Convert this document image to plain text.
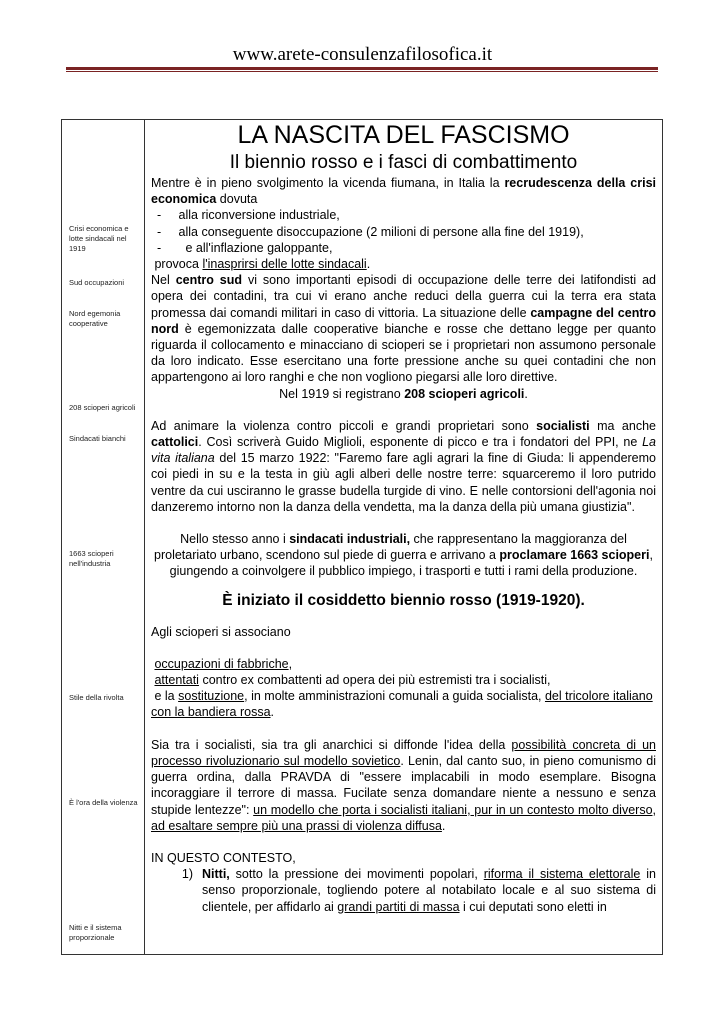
www.arete-consulenzafilosofica.it
Crisi economica e lotte sindacali nel 1919
Sud occupazioni
Nord egemonia cooperative
208 scioperi agricoli
Sindacati bianchi
1663 scioperi nell'industria
Stile della rivolta
È l'ora della violenza
Nitti e il sistema proporzionale

LA NASCITA DEL FASCISMO

Il biennio rosso e i fasci di combattimento

Mentre è in pieno svolgimento la vicenda fiumana, in Italia la recrudescenza della crisi economica dovuta

- alla riconversione industriale,

- alla conseguente disoccupazione (2 milioni di persone alla fine del 1919),

- e all'inflazione galoppante,

provoca l'inasprirsi delle lotte sindacali.

Nel centro sud vi sono importanti episodi di occupazione delle terre dei latifondisti ad opera dei contadini, tra cui vi erano anche reduci della guerra cui la terra era stata promessa dai comandi militari in caso di vittoria. La situazione delle campagne del centro nord è egemonizzata dalle cooperative bianche e rosse che dettano legge per quanto riguarda il collocamento e minacciano di scioperi se i proprietari non assumono personale da loro indicato. Esse esercitano una forte pressione anche su quei contadini che non appartengono ai loro ranghi e che non vogliono piegarsi alle loro direttive.

Nel 1919 si registrano 208 scioperi agricoli.

Ad animare la violenza contro piccoli e grandi proprietari sono socialisti ma anche cattolici. Così scriverà Guido Miglioli, esponente di picco e tra i fondatori del PPI, ne La vita italiana del 15 marzo 1922: "Faremo fare agli agrari la fine di Giuda: li appenderemo coi piedi in su e la testa in giù agli alberi delle nostre terre: squarceremo il loro putrido ventre da cui usciranno le grasse budella turgide di vino. E nelle contorsioni dell'agonia noi danzeremo intorno non la danza della vendetta, ma la danza della più umana giustizia".

Nello stesso anno i sindacati industriali, che rappresentano la maggioranza del proletariato urbano, scendono sul piede di guerra e arrivano a proclamare 1663 scioperi, giungendo a coinvolgere il pubblico impiego, i trasporti e tutti i rami della produzione.

È iniziato il cosiddetto biennio rosso (1919-1920).

Agli scioperi si associano

occupazioni di fabbriche,

attentati contro ex combattenti ad opera dei più estremisti tra i socialisti,

e la sostituzione, in molte amministrazioni comunali a guida socialista, del tricolore italiano con la bandiera rossa.

Sia tra i socialisti, sia tra gli anarchici si diffonde l'idea della possibilità concreta di un processo rivoluzionario sul modello sovietico. Lenin, dal canto suo, in pieno comunismo di guerra ordina, dalla PRAVDA di "essere implacabili in modo esemplare. Bisogna incoraggiare il terrore di massa. Fucilate senza domandare niente a nessuno e senza stupide lentezze": un modello che porta i socialisti italiani, pur in un contesto molto diverso, ad esaltare sempre più una prassi di violenza diffusa.

IN QUESTO CONTESTO,

1) Nitti, sotto la pressione dei movimenti popolari, riforma il sistema elettorale in senso proporzionale, togliendo potere al notabilato locale e al suo sistema di clientele, per affidarlo ai grandi partiti di massa i cui deputati sono eletti in
